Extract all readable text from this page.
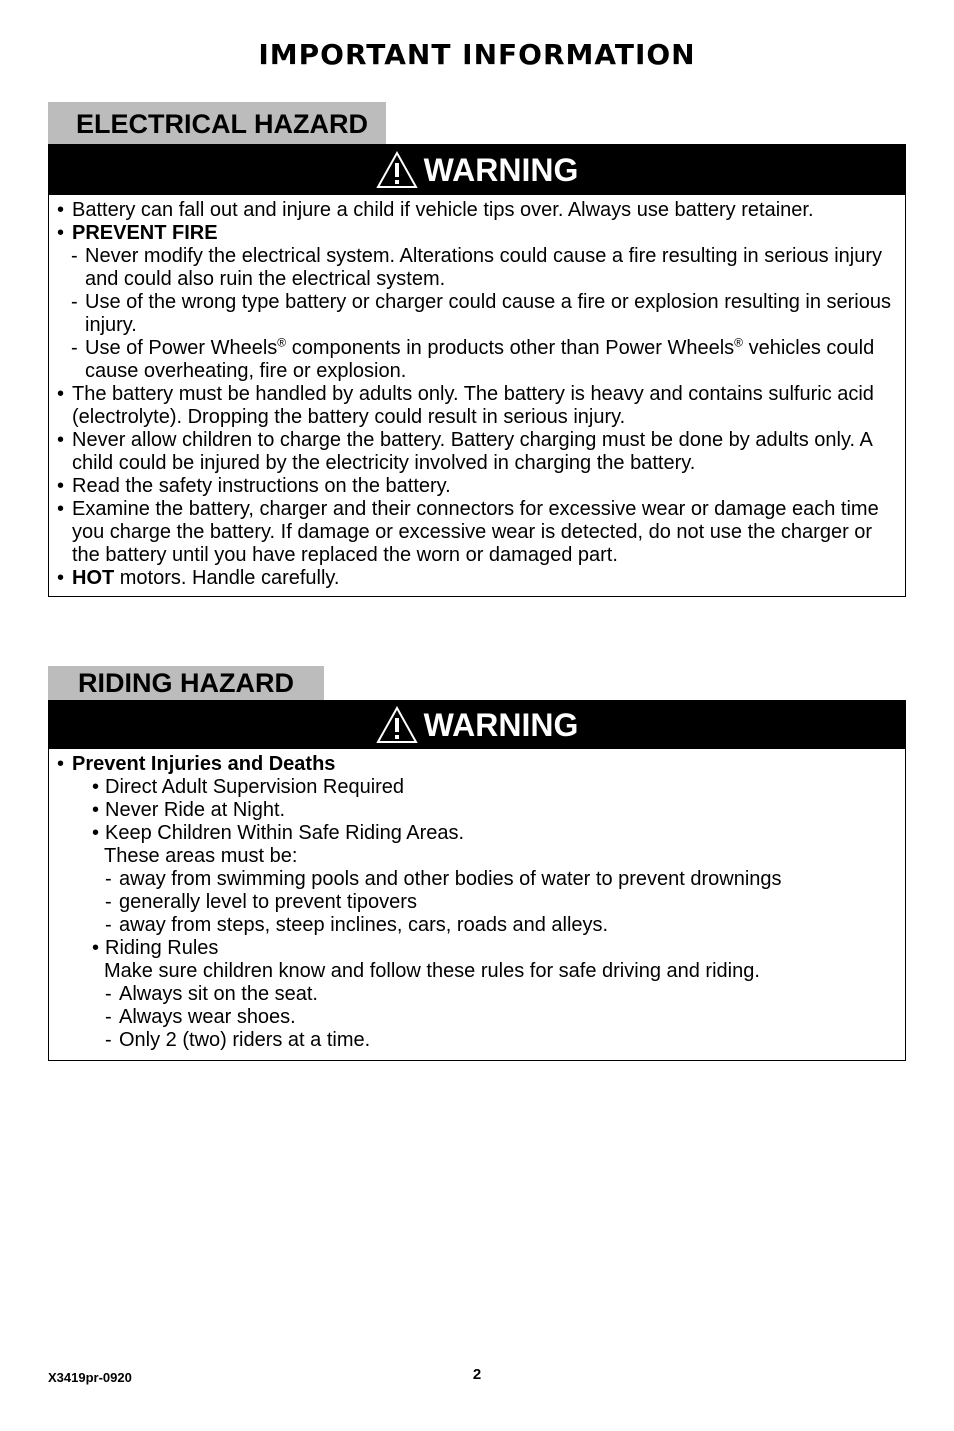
IMPORTANT INFORMATION
ELECTRICAL HAZARD
WARNING

• Battery can fall out and injure a child if vehicle tips over. Always use battery retainer.

• PREVENT FIRE

- Never modify the electrical system. Alterations could cause a fire resulting in serious injury and could also ruin the electrical system.

- Use of the wrong type battery or charger could cause a fire or explosion resulting in serious injury.

- Use of Power Wheels® components in products other than Power Wheels® vehicles could cause overheating, fire or explosion.

• The battery must be handled by adults only. The battery is heavy and contains sulfuric acid (electrolyte). Dropping the battery could result in serious injury.

• Never allow children to charge the battery. Battery charging must be done by adults only. A child could be injured by the electricity involved in charging the battery.

• Read the safety instructions on the battery.

• Examine the battery, charger and their connectors for excessive wear or damage each time you charge the battery. If damage or excessive wear is detected, do not use the charger or the battery until you have replaced the worn or damaged part.

• HOT motors. Handle carefully.

RIDING HAZARD
WARNING

• Prevent Injuries and Deaths

• Direct Adult Supervision Required

• Never Ride at Night.

• Keep Children Within Safe Riding Areas.

These areas must be:

- away from swimming pools and other bodies of water to prevent drownings

- generally level to prevent tipovers

- away from steps, steep inclines, cars, roads and alleys.

• Riding Rules

Make sure children know and follow these rules for safe driving and riding.

- Always sit on the seat.

- Always wear shoes.

- Only 2 (two) riders at a time.

X3419pr-0920	2
